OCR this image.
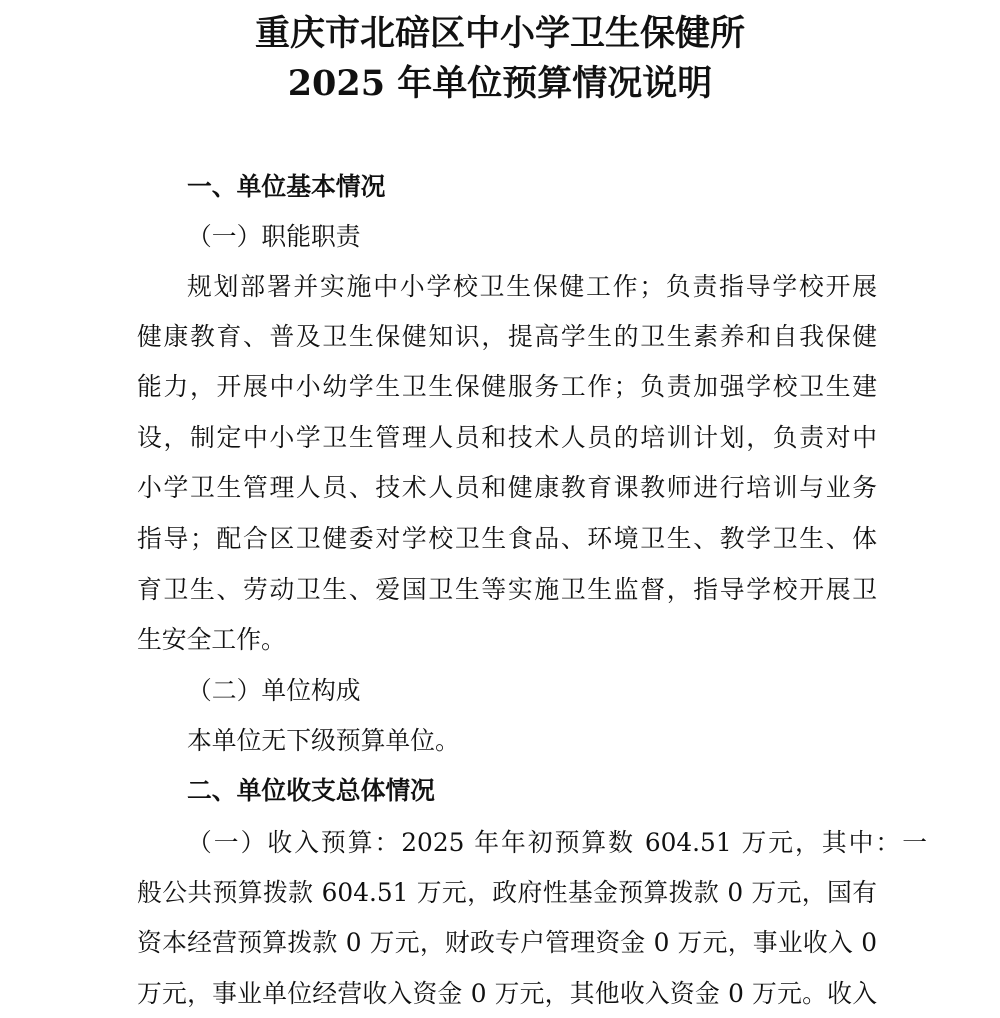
重庆市北碚区中小学卫生保健所
2025 年单位预算情况说明
一、单位基本情况
（一）职能职责
规划部署并实施中小学校卫生保健工作；负责指导学校开展
健康教育、普及卫生保健知识，提高学生的卫生素养和自我保健
能力，开展中小幼学生卫生保健服务工作；负责加强学校卫生建
设，制定中小学卫生管理人员和技术人员的培训计划，负责对中
小学卫生管理人员、技术人员和健康教育课教师进行培训与业务
指导；配合区卫健委对学校卫生食品、环境卫生、教学卫生、体
育卫生、劳动卫生、爱国卫生等实施卫生监督，指导学校开展卫
生安全工作。
（二）单位构成
本单位无下级预算单位。
二、单位收支总体情况
（一）收入预算：2025 年年初预算数 604.51 万元，其中：一
般公共预算拨款 604.51 万元，政府性基金预算拨款 0 万元，国有
资本经营预算拨款 0 万元，财政专户管理资金 0 万元，事业收入 0
万元，事业单位经营收入资金 0 万元，其他收入资金 0 万元。收入
